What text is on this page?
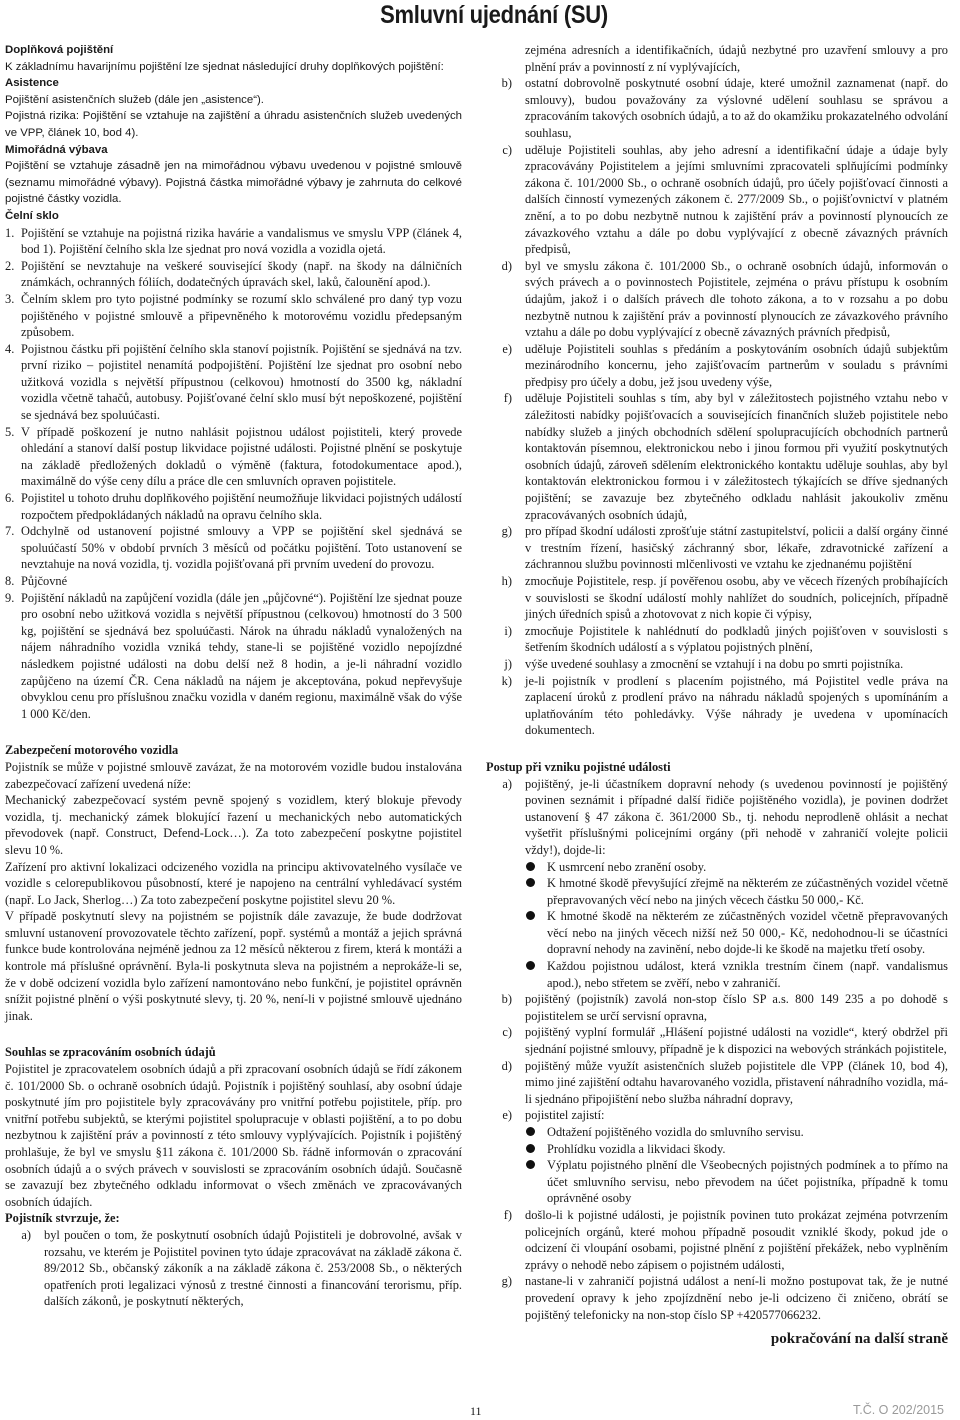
Smluvní ujednání (SU)

Doplňková pojištění

K základnímu havarijnímu pojištění lze sjednat následující druhy doplňkových pojištění:

Asistence

Pojištění asistenčních služeb (dále jen „asistence“).

Pojistná rizika: Pojištění se vztahuje na zajištění a úhradu asistenčních služeb uvedených ve VPP, článek 10, bod 4).

Mimořádná výbava

Pojištění se vztahuje zásadně jen na mimořádnou výbavu uvedenou v pojistné smlouvě (seznamu mimořádné výbavy). Pojistná částka mimořádné výbavy je zahrnuta do celkové pojistné částky vozidla.

Čelní sklo

1. Pojištění se vztahuje na pojistná rizika havárie a vandalismus ve smyslu VPP (článek 4, bod 1). Pojištění čelního skla lze sjednat pro nová vozidla a vozidla ojetá.
2. Pojištění se nevztahuje na veškeré související škody (např. na škody na dálničních známkách, ochranných fóliích, dodatečných úpravách skel, laků, čalounění apod.).
3. Čelním sklem pro tyto pojistné podmínky se rozumí sklo schválené pro daný typ vozu pojištěného v pojistné smlouvě a připevněného k motorovému vozidlu předepsaným způsobem.
4. Pojistnou částku při pojištění čelního skla stanoví pojistník. Pojištění se sjednává na tzv. první riziko – pojistitel nenamítá podpojištění. Pojištění lze sjednat pro osobní nebo užitková vozidla s největší přípustnou (celkovou) hmotností do 3500 kg, nákladní vozidla včetně tahačů, autobusy. Pojišťované čelní sklo musí být nepoškozené, pojištění se sjednává bez spoluúčasti.
5. V případě poškození je nutno nahlásit pojistnou událost pojistiteli, který provede ohledání a stanoví další postup likvidace pojistné události. Pojistné plnění se poskytuje na základě předložených dokladů o výměně (faktura, fotodokumentace apod.), maximálně do výše ceny dílu a práce dle cen smluvních opraven pojistitele.
6. Pojistitel u tohoto druhu doplňkového pojištění neumožňuje likvidaci pojistných událostí rozpočtem předpokládaných nákladů na opravu čelního skla.
7. Odchylně od ustanovení pojistné smlouvy a VPP se pojištění skel sjednává se spoluúčastí 50% v období prvních 3 měsíců od počátku pojištění. Toto ustanovení se nevztahuje na nová vozidla, tj. vozidla pojišťovaná při prvním uvedení do provozu.
8. Půjčovné
9. Pojištění nákladů na zapůjčení vozidla (dále jen „půjčovné“). Pojištění lze sjednat pouze pro osobní nebo užitková vozidla s největší přípustnou (celkovou) hmotností do 3 500 kg, pojištění se sjednává bez spoluúčasti. Nárok na úhradu nákladů vynaložených na nájem náhradního vozidla vzniká tehdy, stane-li se pojištěné vozidlo nepojízdné následkem pojistné události na dobu delší než 8 hodin, a je-li náhradní vozidlo zapůjčeno na území ČR. Cena nákladů na nájem je akceptována, pokud nepřevyšuje obvyklou cenu pro příslušnou značku vozidla v daném regionu, maximálně však do výše 1 000 Kč/den.

Zabezpečení motorového vozidla

Pojistník se může v pojistné smlouvě zavázat, že na motorovém vozidle budou instalována zabezpečovací zařízení uvedená níže:

Mechanický zabezpečovací systém pevně spojený s vozidlem, který blokuje převody vozidla, tj. mechanický zámek blokující řazení u mechanických nebo automatických převodovek (např. Construct, Defend-Lock…). Za toto zabezpečení poskytne pojistitel slevu 10 %.

Zařízení pro aktivní lokalizaci odcizeného vozidla na principu aktivovatelného vysílače ve vozidle s celorepublikovou působností, které je napojeno na centrální vyhledávací systém (např. Lo Jack, Sherlog…) Za toto zabezpečení poskytne pojistitel slevu 20 %.

V případě poskytnutí slevy na pojistném se pojistník dále zavazuje, že bude dodržovat smluvní ustanovení provozovatele těchto zařízení, popř. systémů a montáž a jejich správná funkce bude kontrolována nejméně jednou za 12 měsíců některou z firem, která k montáži a kontrole má příslušné oprávnění. Byla-li poskytnuta sleva na pojistném a neprokáže-li se, že v době odcizení vozidla bylo zařízení namontováno nebo funkční, je pojistitel oprávněn snížit pojistné plnění o výši poskytnuté slevy, tj. 20 %, není-li v pojistné smlouvě ujednáno jinak.

Souhlas se zpracováním osobních údajů

Pojistitel je zpracovatelem osobních údajů a při zpracovaní osobních údajů se řídí zákonem č. 101/2000 Sb. o ochraně osobních údajů. Pojistník i pojištěný souhlasí, aby osobní údaje poskytnuté jím pro pojistitele byly zpracovávány pro vnitřní potřebu pojistitele, příp. pro vnitřní potřebu subjektů, se kterými pojistitel spolupracuje v oblasti pojištění, a to po dobu nezbytnou k zajištění práv a povinností z této smlouvy vyplývajících. Pojistník i pojištěný prohlašuje, že byl ve smyslu §11 zákona č. 101/2000 Sb. řádně informován o zpracování osobních údajů a o svých právech v souvislosti se zpracováním osobních údajů. Současně se zavazují bez zbytečného odkladu informovat o všech změnách ve zpracovávaných osobních údajích.

Pojistník stvrzuje, že:

a)	byl poučen o tom, že poskytnutí osobních údajů Pojistiteli je dobrovolné, avšak v rozsahu, ve kterém je Pojistitel povinen tyto údaje zpracovávat na základě zákona č. 89/2012 Sb., občanský zákoník a na základě zákona č. 253/2008 Sb., o některých opatřeních proti legalizaci výnosů z trestné činnosti a financování terorismu, příp. dalších zákonů, je poskytnutí některých,
zejména adresních a identifikačních, údajů nezbytné pro uzavření smlouvy a pro plnění práv a povinností z ní vyplývajících,
b)	ostatní dobrovolně poskytnuté osobní údaje, které umožnil zaznamenat (např. do smlouvy), budou považovány za výslovné udělení souhlasu se správou a zpracováním takových osobních údajů, a to až do okamžiku prokazatelného odvolání souhlasu,
c)	uděluje Pojistiteli souhlas, aby jeho adresní a identifikační údaje a údaje byly zpracovávány Pojistitelem a jejími smluvními zpracovateli splňujícími podmínky zákona č. 101/2000 Sb., o ochraně osobních údajů, pro účely pojišťovací činnosti a dalších činností vymezených zákonem č. 277/2009 Sb., o pojišťovnictví v platném znění, a to po dobu nezbytně nutnou k zajištění práv a povinností plynoucích ze závazkového vztahu a dále po dobu vyplývající z obecně závazných právních předpisů,
d)	byl ve smyslu zákona č. 101/2000 Sb., o ochraně osobních údajů, informován o svých právech a o povinnostech Pojistitele, zejména o právu přístupu k osobním údajům, jakož i o dalších právech dle tohoto zákona, a to v rozsahu a po dobu nezbytně nutnou k zajištění práv a povinností plynoucích ze závazkového právního vztahu a dále po dobu vyplývající z obecně závazných právních předpisů,
e)	uděluje Pojistiteli souhlas s předáním a poskytováním osobních údajů subjektům mezinárodního koncernu, jeho zajišťovacím partnerům v souladu s právními předpisy pro účely a dobu, jež jsou uvedeny výše,
f)	uděluje Pojistiteli souhlas s tím, aby byl v záležitostech pojistného vztahu nebo v záležitosti nabídky pojišťovacích a souvisejících finančních služeb pojistitele nebo nabídky služeb a jiných obchodních sdělení spolupracujících obchodních partnerů kontaktován písemnou, elektronickou nebo i jinou formou při využití poskytnutých osobních údajů, zároveň sdělením elektronického kontaktu uděluje souhlas, aby byl kontaktován elektronickou formou i v záležitostech týkajících se dříve sjednaných pojištění; se zavazuje bez zbytečného odkladu nahlásit jakoukoliv změnu zpracovávaných osobních údajů,
g)	pro případ škodní události zprošťuje státní zastupitelství, policii a další orgány činné v trestním řízení, hasičský záchranný sbor, lékaře, zdravotnické zařízení a záchrannou službu povinnosti mlčenlivosti ve vztahu ke zjednanému pojištění
h)	zmocňuje Pojistitele, resp. jí pověřenou osobu, aby ve věcech řízených probíhajících v souvislosti se škodní událostí mohly nahlížet do soudních, policejních, případně jiných úředních spisů a zhotovovat z nich kopie či výpisy,
i)	zmocňuje Pojistitele k nahlédnutí do podkladů jiných pojišťoven v souvislosti s šetřením škodních událostí a s výplatou pojistných plnění,
j)	výše uvedené souhlasy a zmocnění se vztahují i na dobu po smrti pojistníka.
k)	je-li pojistník v prodlení s placením pojistného, má Pojistitel vedle práva na zaplacení úroků z prodlení právo na náhradu nákladů spojených s upomínáním a uplatňováním této pohledávky. Výše náhrady je uvedena v upomínacích dokumentech.

Postup při vzniku pojistné události

a)	pojištěný, je-li účastníkem dopravní nehody (s uvedenou povinností je pojištěný povinen seznámit i případné další řidiče pojištěného vozidla), je povinen dodržet ustanovení § 47 zákona č. 361/2000 Sb., tj. nehodu neprodleně ohlásit a nechat vyšetřit příslušnými policejními orgány (při nehodě v zahraničí volejte policii vždy!), dojde-li:
K usmrcení nebo zranění osoby.
K hmotné škodě převyšující zřejmě na některém ze zúčastněných vozidel včetně přepravovaných věcí nebo na jiných věcech částku 50 000,- Kč.
K hmotné škodě na některém ze zúčastněných vozidel včetně přepravovaných věcí nebo na jiných věcech nižší než 50 000,- Kč, nedohodnou-li se účastníci dopravní nehody na zavinění, nebo dojde-li ke škodě na majetku třetí osoby.
Každou pojistnou událost, která vznikla trestním činem (např. vandalismus apod.), nebo střetem se zvěří, nebo v zahraničí.
b)	pojištěný (pojistník) zavolá non-stop číslo SP a.s. 800 149 235 a po dohodě s pojistitelem se určí servisní opravna,
c)	pojištěný vyplní formulář „Hlášení pojistné události na vozidle“, který obdržel při sjednání pojistné smlouvy, případně je k dispozici na webových stránkách pojistitele,
d)	pojištěný může využít asistenčních služeb pojistitele dle VPP (článek 10, bod 4), mimo jiné zajištění odtahu havarovaného vozidla, přistavení náhradního vozidla, má-li sjednáno připojištění nebo služba náhradní dopravy,
e)	pojistitel zajistí:
Odtažení pojištěného vozidla do smluvního servisu.
Prohlídku vozidla a likvidaci škody.
Výplatu pojistného plnění dle Všeobecných pojistných podmínek a to přímo na účet smluvního servisu, nebo převodem na účet pojistníka, případně k tomu oprávněné osoby
f)	došlo-li k pojistné události, je pojistník povinen tuto prokázat zejména potvrzením policejních orgánů, které mohou případně posoudit vzniklé škody, pokud jde o odcizení či vloupání osobami, pojistné plnění z pojištění překážek, nebo vyplněním zprávy o nehodě nebo zápisem o pojistném události,
g)	nastane-li v zahraničí pojistná událost a není-li možno postupovat tak, že je nutné provedení opravy k jeho zpojízdnění nebo je-li odcizeno či zničeno, obrátí se pojištěný telefonicky na non-stop číslo SP +420577066232.
pokračování na další straně
11	T.Č. O 202/2015
